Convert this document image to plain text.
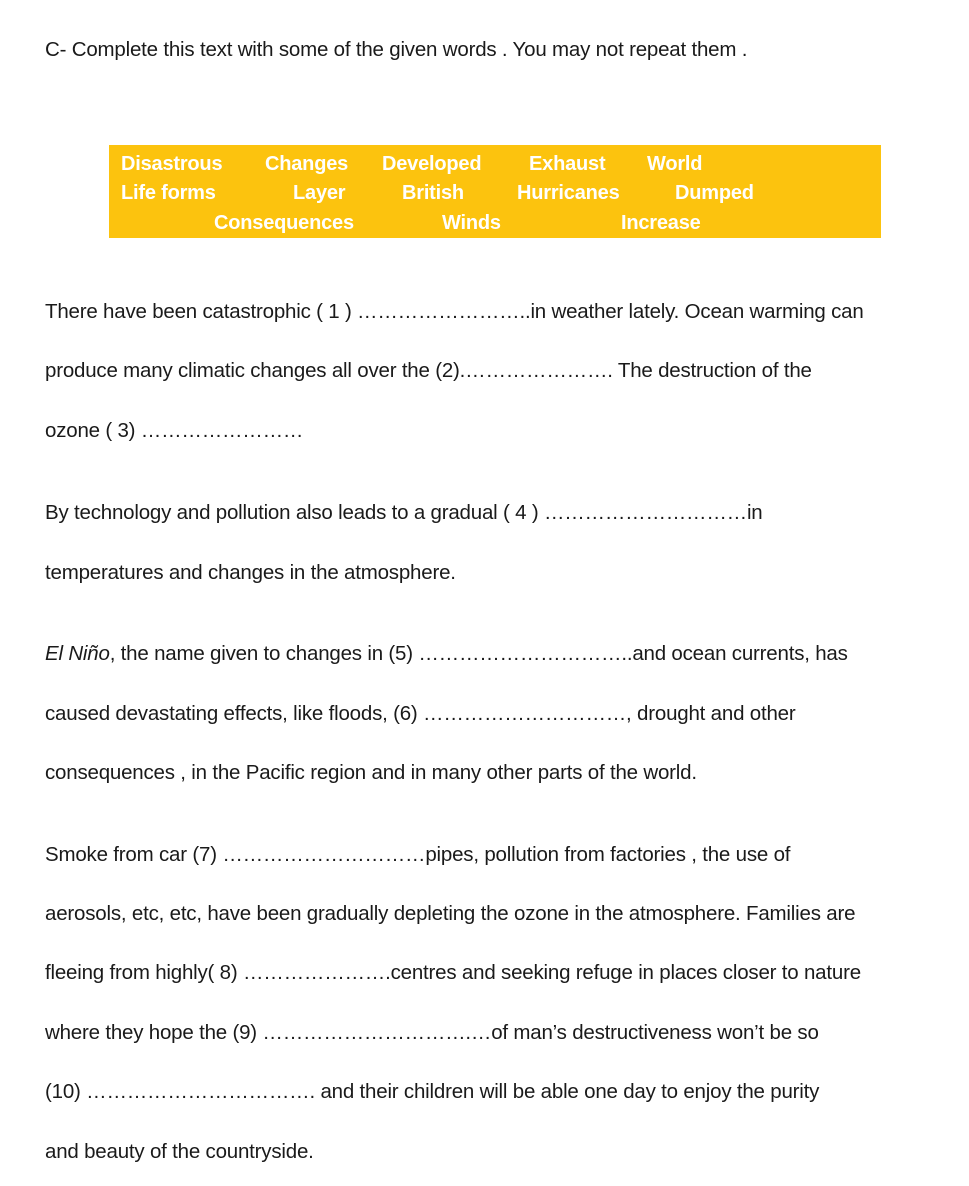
C- Complete this text with some of the given words . You may not repeat them .
Disastrous Changes Developed Exhaust World
Life forms	Layer	British	Hurricanes	Dumped
Consequences	Winds	Increase
There have been catastrophic ( 1 ) ……………………..in weather lately. Ocean warming can
produce many climatic changes all over the (2).…………………. The destruction of the
ozone ( 3) ……………………
By technology and pollution also leads to a gradual ( 4 ) …………………………in
temperatures and changes in the atmosphere.
El Niño, the name given to changes in (5) …………………………..and ocean currents, has
caused devastating effects, like floods, (6) …………………………, drought and other
consequences , in the Pacific region and in many other parts of the world.
Smoke from car (7) …………………………pipes, pollution from factories , the use of
aerosols, etc, etc, have been gradually depleting the ozone in the atmosphere. Families are
fleeing from highly( 8) ………………….centres and seeking refuge in places closer to nature
where they hope the (9) ………………………….…of man’s destructiveness won’t be so
(10) ……………………………. and their children will be able one day to enjoy the purity
and beauty of the countryside.
